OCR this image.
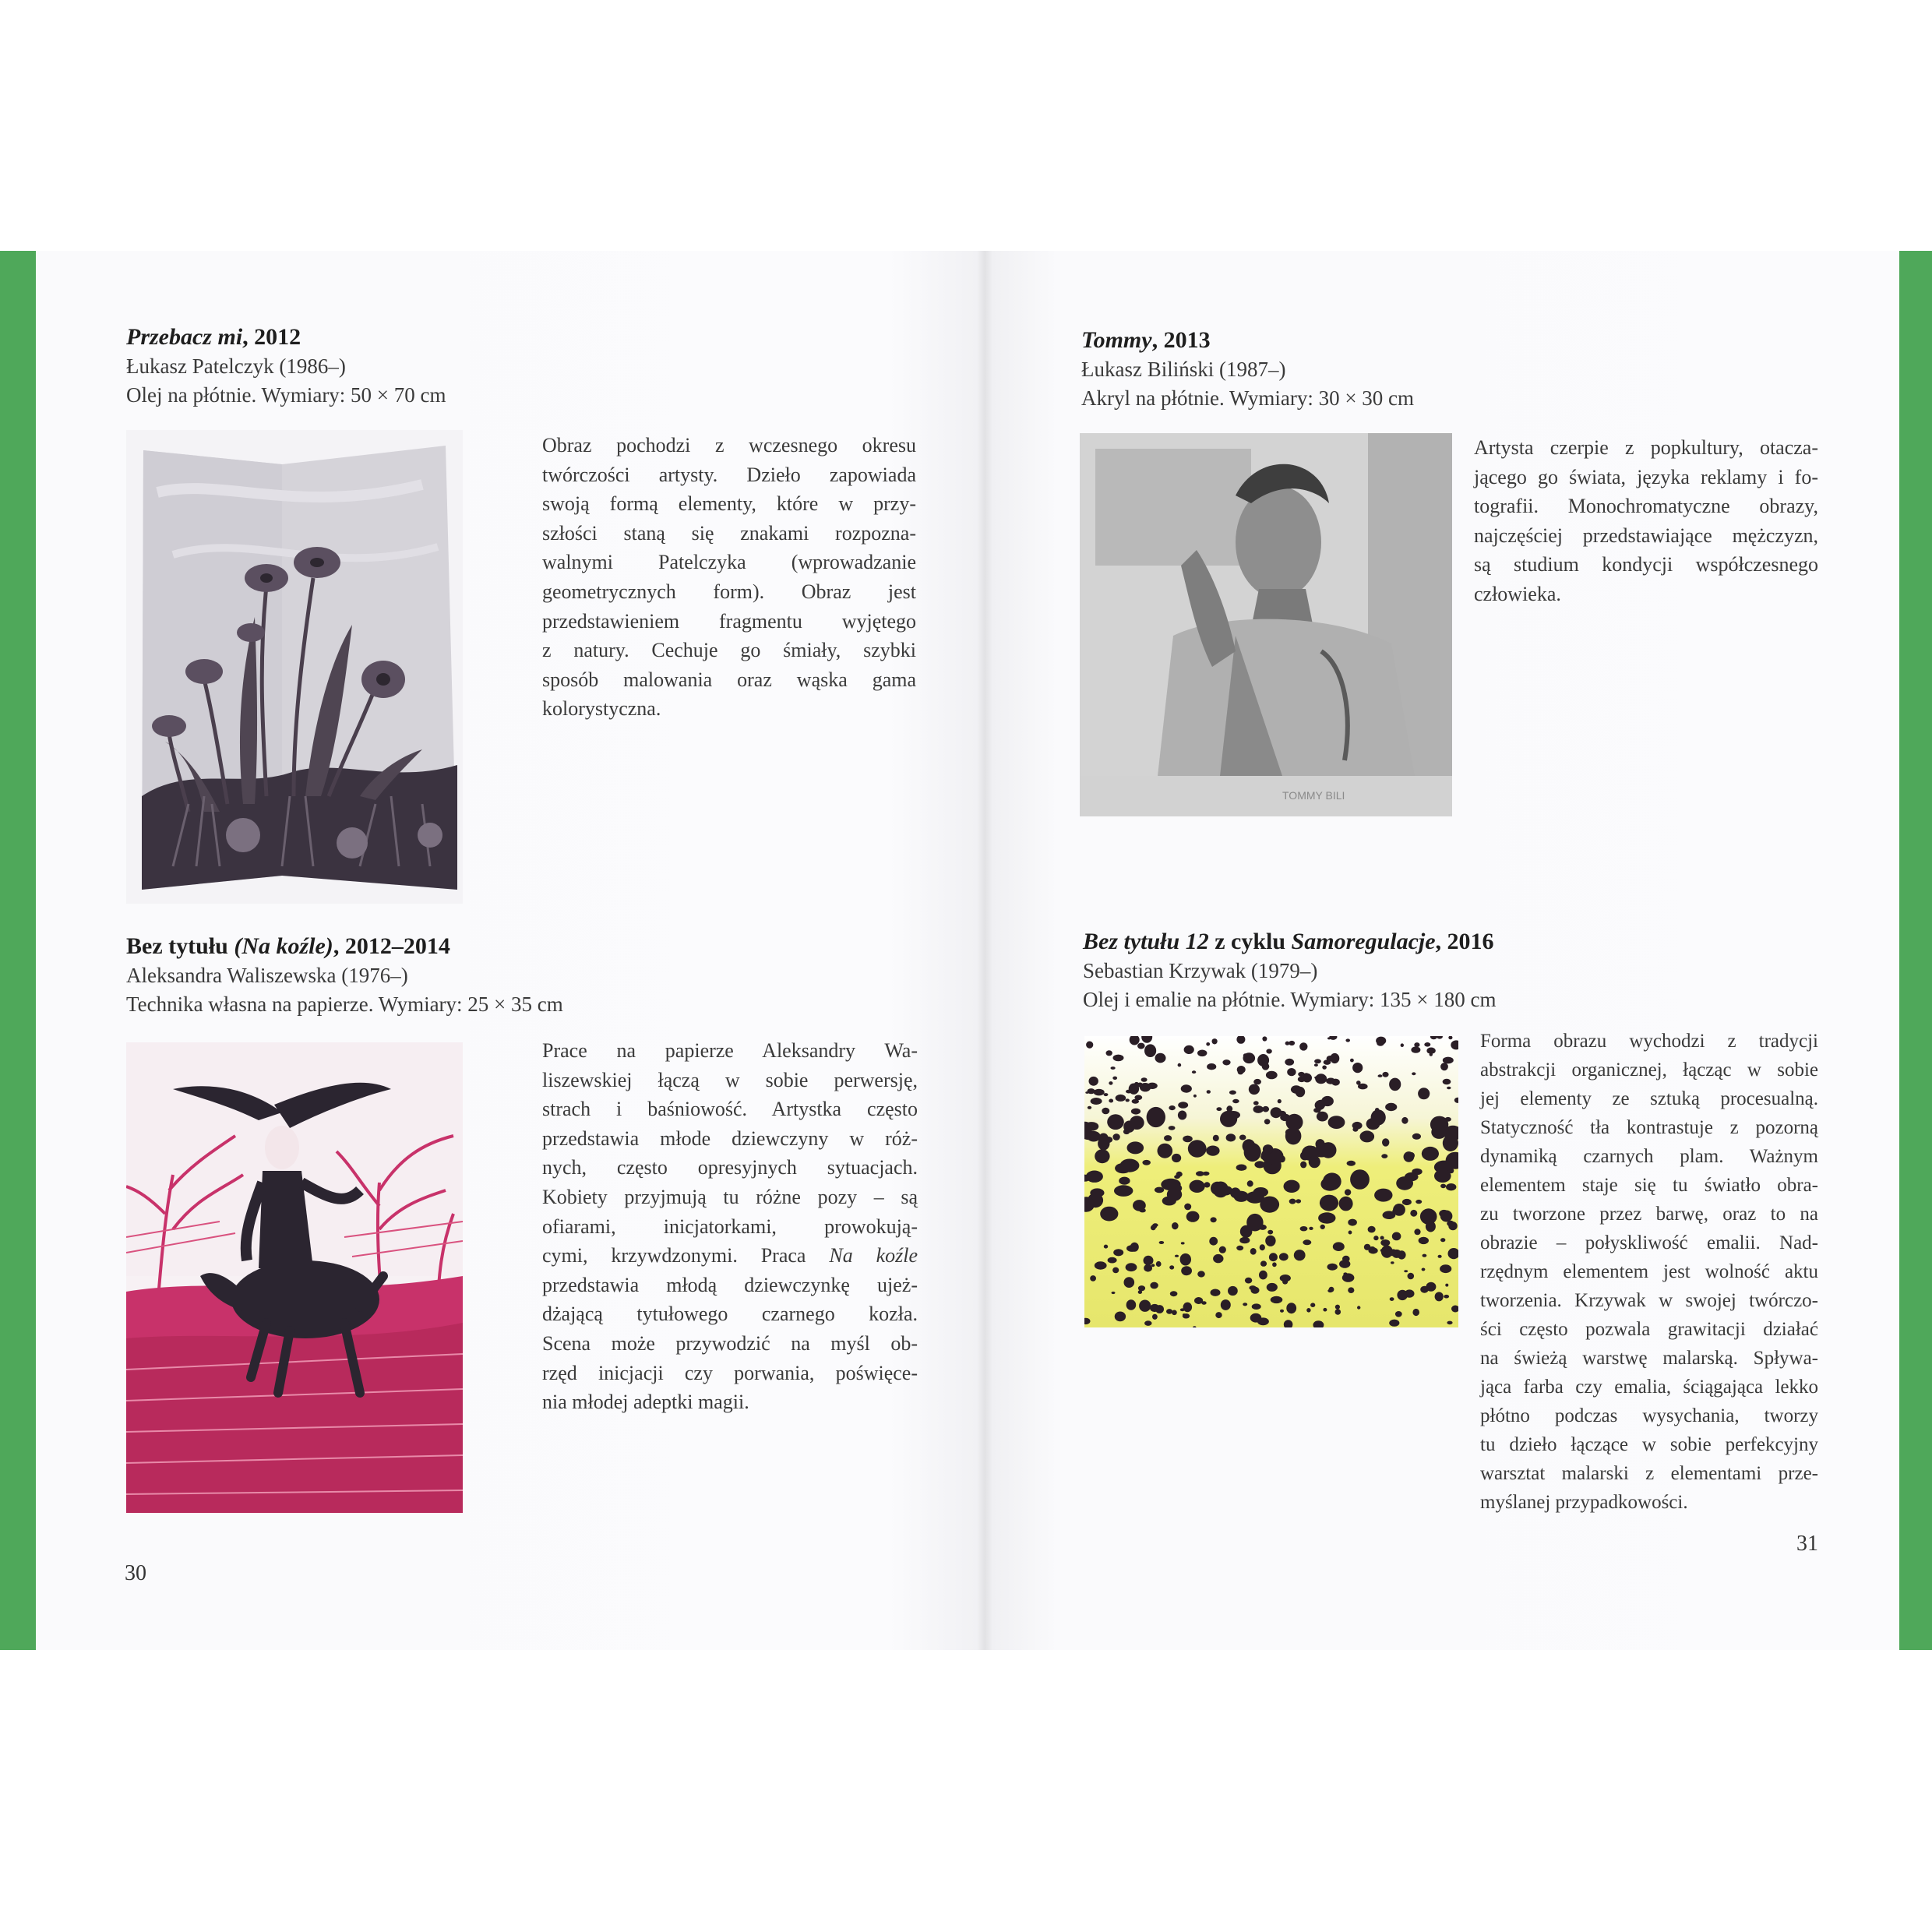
Przebacz mi, 2012
Łukasz Patelczyk (1986–)
Olej na płótnie. Wymiary: 50 × 70 cm
Obraz pochodzi z wczesnego okresu
twórczości artysty. Dzieło zapowiada
swoją formą elementy, które w przy-
szłości staną się znakami rozpozna-
walnymi Patelczyka (wprowadzanie
geometrycznych form). Obraz jest
przedstawieniem fragmentu wyjętego
z natury. Cechuje go śmiały, szybki
sposób malowania oraz wąska gama
kolorystyczna.
Bez tytułu (Na koźle), 2012–2014
Aleksandra Waliszewska (1976–)
Technika własna na papierze. Wymiary: 25 × 35 cm
Prace na papierze Aleksandry Wa-
liszewskiej łączą w sobie perwersję,
strach i baśniowość. Artystka często
przedstawia młode dziewczyny w róż-
nych, często opresyjnych sytuacjach.
Kobiety przyjmują tu różne pozy – są
ofiarami, inicjatorkami, prowokują-
cymi, krzywdzonymi. Praca Na koźle
przedstawia młodą dziewczynkę ujeż-
dżającą tytułowego czarnego kozła.
Scena może przywodzić na myśl ob-
rzęd inicjacji czy porwania, poświęce-
nia młodej adeptki magii.
30
Tommy, 2013
Łukasz Biliński (1987–)
Akryl na płótnie. Wymiary: 30 × 30 cm
TOMMY BILI
Artysta czerpie z popkultury, otacza-
jącego go świata, języka reklamy i fo-
tografii. Monochromatyczne obrazy,
najczęściej przedstawiające mężczyzn,
są studium kondycji współczesnego
człowieka.
Bez tytułu 12 z cyklu Samoregulacje, 2016
Sebastian Krzywak (1979–)
Olej i emalie na płótnie. Wymiary: 135 × 180 cm
Forma obrazu wychodzi z tradycji
abstrakcji organicznej, łącząc w sobie
jej elementy ze sztuką procesualną.
Statyczność tła kontrastuje z pozorną
dynamiką czarnych plam. Ważnym
elementem staje się tu światło obra-
zu tworzone przez barwę, oraz to na
obrazie – połyskliwość emalii. Nad-
rzędnym elementem jest wolność aktu
tworzenia. Krzywak w swojej twórczo-
ści często pozwala grawitacji działać
na świeżą warstwę malarską. Spływa-
jąca farba czy emalia, ściągająca lekko
płótno podczas wysychania, tworzy
tu dzieło łączące w sobie perfekcyjny
warsztat malarski z elementami prze-
myślanej przypadkowości.
31
